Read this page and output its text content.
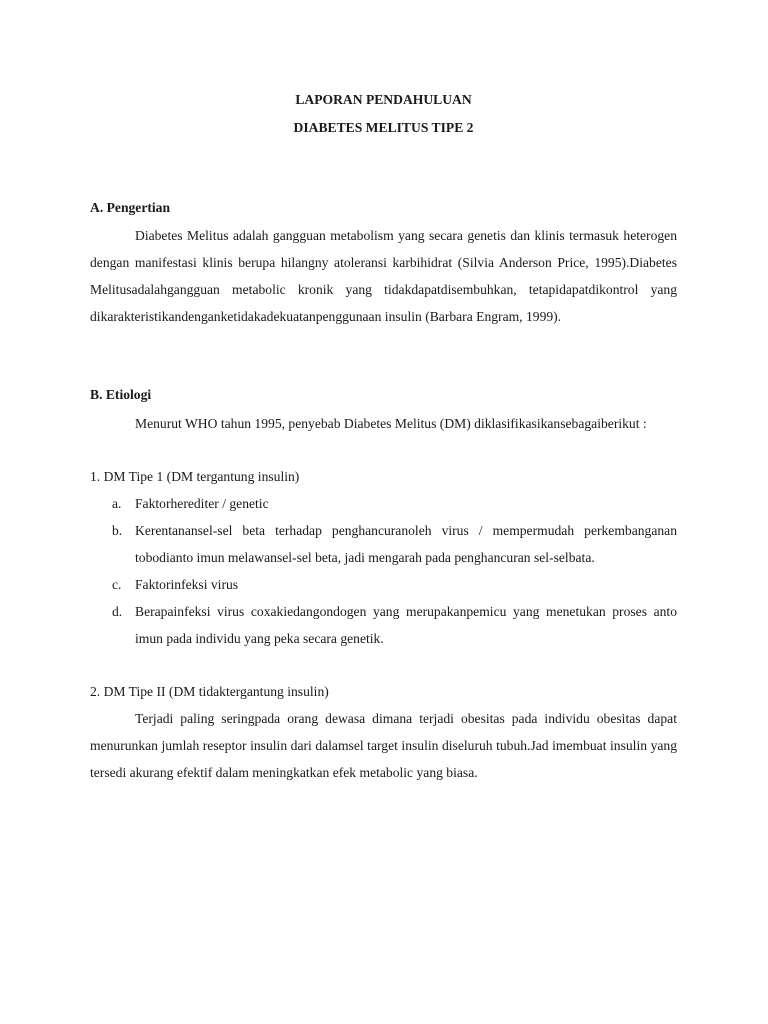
LAPORAN PENDAHULUAN

DIABETES MELITUS TIPE 2

A. Pengertian

Diabetes Melitus adalah gangguan metabolism yang secara genetis dan klinis termasuk heterogen dengan manifestasi klinis berupa hilangny atoleransi karbihidrat (Silvia Anderson Price, 1995).Diabetes Melitusadalahgangguan metabolic kronik yang tidakdapatdisembuhkan, tetapidapatdikontrol yang dikarakteristikandenganketidakadekuatanpenggunaan insulin (Barbara Engram, 1999).

B. Etiologi

Menurut WHO tahun 1995, penyebab Diabetes Melitus (DM) diklasifikasikansebagaiberikut :

1. DM Tipe 1 (DM tergantung insulin)

a. Faktorherediter / genetic
b. Kerentanansel-sel beta terhadap penghancuranoleh virus / mempermudah perkembanganan tobodianto imun melawansel-sel beta, jadi mengarah pada penghancuran sel-selbata.
c. Faktorinfeksi virus
d. Berapainfeksi virus coxakiedangondogen yang merupakanpemicu yang menetukan proses anto imun pada individu yang peka secara genetik.

2. DM Tipe II (DM tidaktergantung insulin)

Terjadi paling seringpada orang dewasa dimana terjadi obesitas pada individu obesitas dapat menurunkan jumlah reseptor insulin dari dalamsel target insulin diseluruh tubuh.Jad imembuat insulin yang tersedi akurang efektif dalam meningkatkan efek metabolic yang biasa.
